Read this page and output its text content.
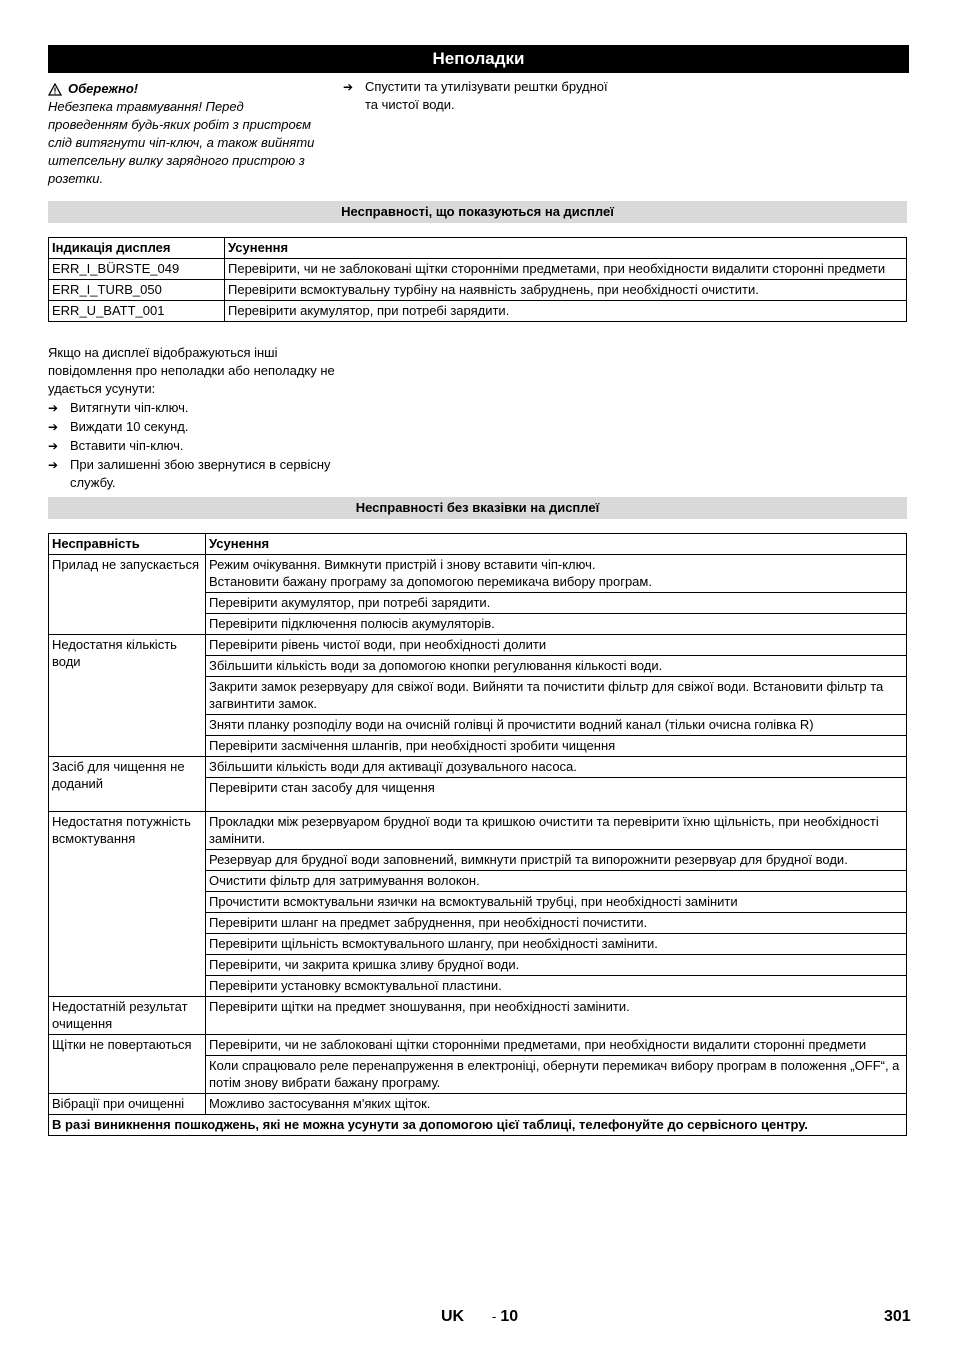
Неполадки
Обережно!
Небезпека травмування! Перед проведенням будь-яких робіт з пристроєм слід витягнути чіп-ключ, а також вийняти штепсельну вилку зарядного пристрою з розетки.
➔ Спустити та утилізувати рештки брудної та чистої води.
Несправності, що показуються на дисплеї
Індикація дисплея	Усунення
ERR_I_BÜRSTE_049	Перевірити, чи не заблоковані щітки сторонніми предметами, при необхідности видалити сторонні предмети
ERR_I_TURB_050	Перевірити всмоктувальну турбіну на наявність забруднень, при необхідності очистити.
ERR_U_BATT_001	Перевірити акумулятор, при потребі зарядити.
Якщо на дисплеї відображуються інші повідомлення про неполадки або неполадку не удається усунути:
➔ Витягнути чіп-ключ.
➔ Виждати 10 секунд.
➔ Вставити чіп-ключ.
➔ При залишенні збою звернутися в сервісну службу.
Несправності без вказівки на дисплеї
Несправність	Усунення
Прилад не запускається	Режим очікування. Вимкнути пристрій і знову вставити чіп-ключ.
Встановити бажану програму за допомогою перемикача вибору програм.
	Перевірити акумулятор, при потребі зарядити.
	Перевірити підключення полюсів акумуляторів.
Недостатня кількість води	Перевірити рівень чистої води, при необхідності долити
	Збільшити кількість води за допомогою кнопки регулювання кількості води.
	Закрити замок резервуару для свіжої води. Вийняти та почистити фільтр для свіжої води. Встановити фільтр та загвинтити замок.
	Зняти планку розподілу води на очисній голівці й прочистити водний канал (тільки очисна голівка R)
	Перевірити засмічення шлангів, при необхідності зробити чищення
Засіб для чищення не доданий	Збільшити кількість води для активації дозувального насоса.
	Перевірити стан засобу для чищення
Недостатня потужність всмоктування	Прокладки між резервуаром брудної води та кришкою очистити та перевірити їхню щільність, при необхідності замінити.
	Резервуар для брудної води заповнений, вимкнути пристрій та випорожнити резервуар для брудної води.
	Очистити фільтр для затримування волокон.
	Прочистити всмоктувальни язички на всмоктувальній трубці, при необхідності замінити
	Перевірити шланг на предмет забруднення, при необхідності почистити.
	Перевірити щільність всмоктувального шлангу, при необхідності замінити.
	Перевірити, чи закрита кришка зливу брудної води.
	Перевірити установку всмоктувальної пластини.
Недостатній результат очищення	Перевірити щітки на предмет зношування, при необхідності замінити.
Щітки не повертаються	Перевірити, чи не заблоковані щітки сторонніми предметами, при необхідности видалити сторонні предмети
	Коли спрацювало реле перенапруження в електроніці, обернути перемикач вибору програм в положення „OFF“, а потім знову вибрати бажану програму.
Вібрації при очищенні	Можливо застосування м'яких щіток.
В разі виникнення пошкоджень, які не можна усунути за допомогою цієї таблиці, телефонуйте до сервісного центру.	
UK - 10	301
